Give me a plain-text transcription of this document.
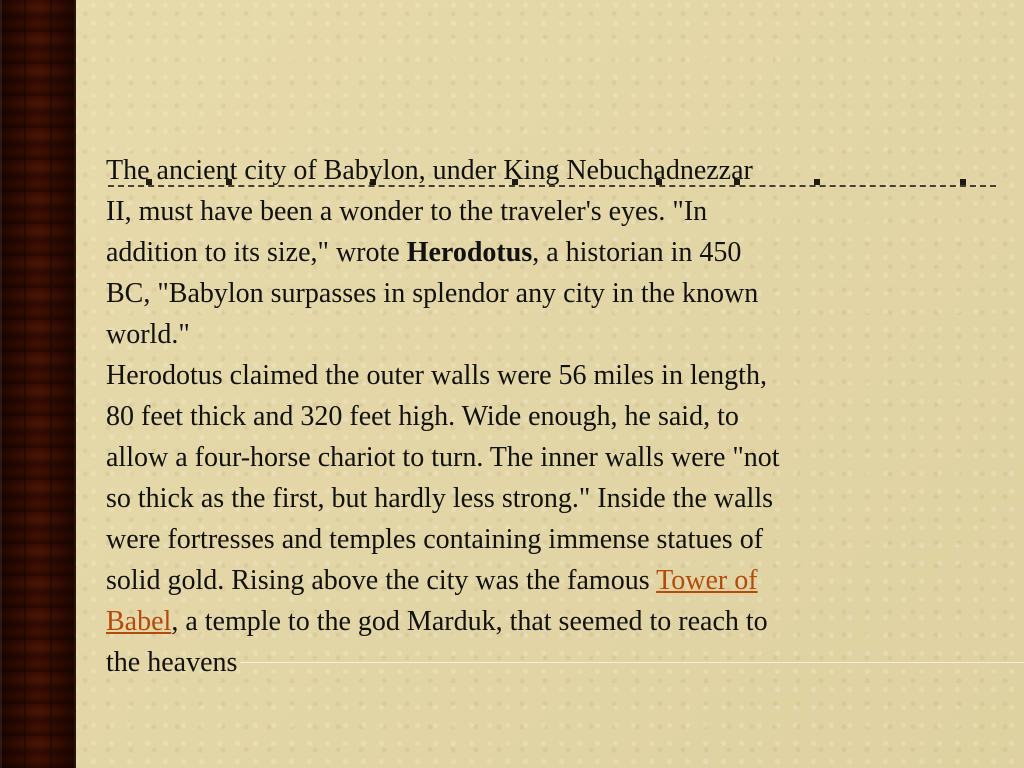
The ancient city of Babylon, under King Nebuchadnezzar
II, must have been a wonder to the traveler's eyes. "In
addition to its size," wrote Herodotus, a historian in 450
BC, "Babylon surpasses in splendor any city in the known
world."

Herodotus claimed the outer walls were 56 miles in length,
80 feet thick and 320 feet high. Wide enough, he said, to
allow a four-horse chariot to turn. The inner walls were "not
so thick as the first, but hardly less strong." Inside the walls
were fortresses and temples containing immense statues of
solid gold. Rising above the city was the famous Tower of
Babel, a temple to the god Marduk, that seemed to reach to
the heavens
